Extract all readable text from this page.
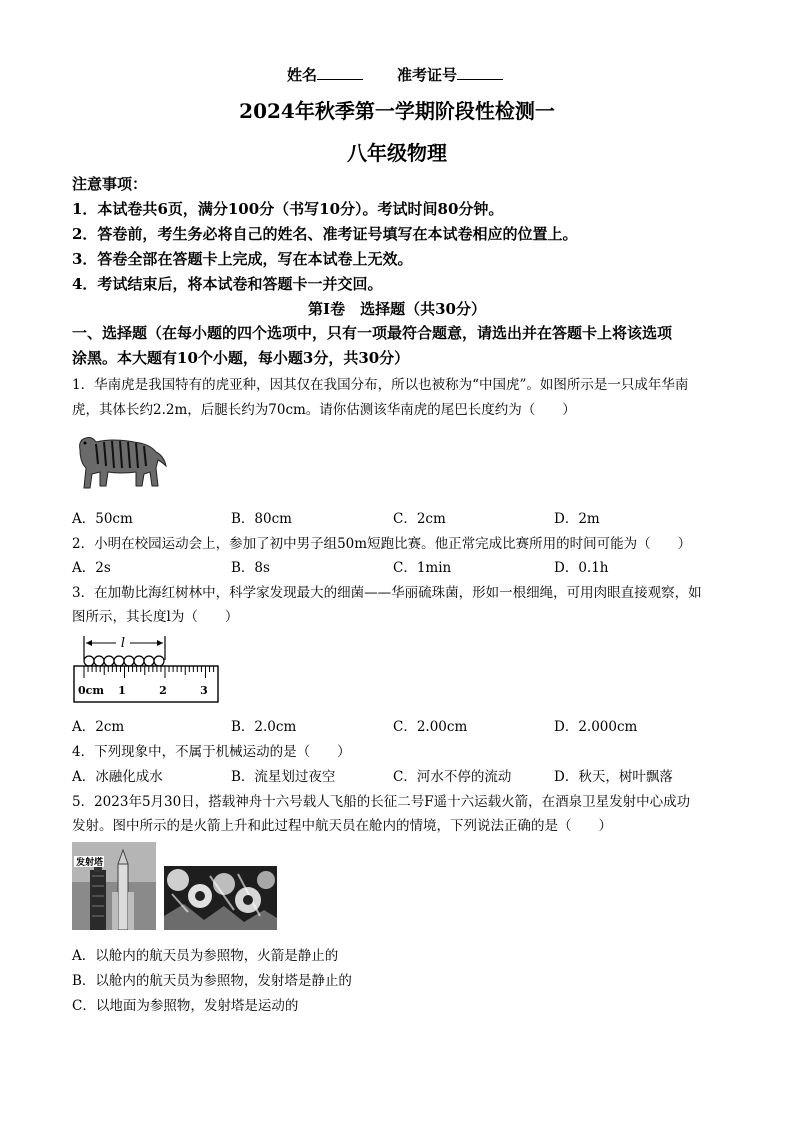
姓名	准考证号
2024年秋季第一学期阶段性检测一
八年级物理
注意事项：
1．本试卷共6页，满分100分（书写10分）。考试时间80分钟。
2．答卷前，考生务必将自己的姓名、准考证号填写在本试卷相应的位置上。
3．答卷全部在答题卡上完成，写在本试卷上无效。
4．考试结束后，将本试卷和答题卡一并交回。
第Ⅰ卷　选择题（共30分）
一、选择题（在每小题的四个选项中，只有一项最符合题意，请选出并在答题卡上将该选项
涂黑。本大题有10个小题，每小题3分，共30分）
1．华南虎是我国特有的虎亚种，因其仅在我国分布，所以也被称为“中国虎”。如图所示是一只成年华南
虎，其体长约2.2m，后腿长约为70cm。请你估测该华南虎的尾巴长度约为（　　）
A．50cm	B．80cm	C．2cm	D．2m
2．小明在校园运动会上，参加了初中男子组50m短跑比赛。他正常完成比赛所用的时间可能为（　　）
A．2s	B．8s	C．1min	D．0.1h
3．在加勒比海红树林中，科学家发现最大的细菌——华丽硫珠菌，形如一根细绳，可用肉眼直接观察，如
图所示，其长度l为（　　）
l
0cm 1	2	3
A．2cm	B．2.0cm	C．2.00cm	D．2.000cm
4．下列现象中，不属于机械运动的是（　　）
A．冰融化成水	B．流星划过夜空	C．河水不停的流动	D．秋天，树叶飘落
5．2023年5月30日，搭载神舟十六号载人飞船的长征二号F遥十六运载火箭，在酒泉卫星发射中心成功
发射。图中所示的是火箭上升和此过程中航天员在舱内的情境，下列说法正确的是（　　）
发射塔
A．以舱内的航天员为参照物，火箭是静止的
B．以舱内的航天员为参照物，发射塔是静止的
C．以地面为参照物，发射塔是运动的
